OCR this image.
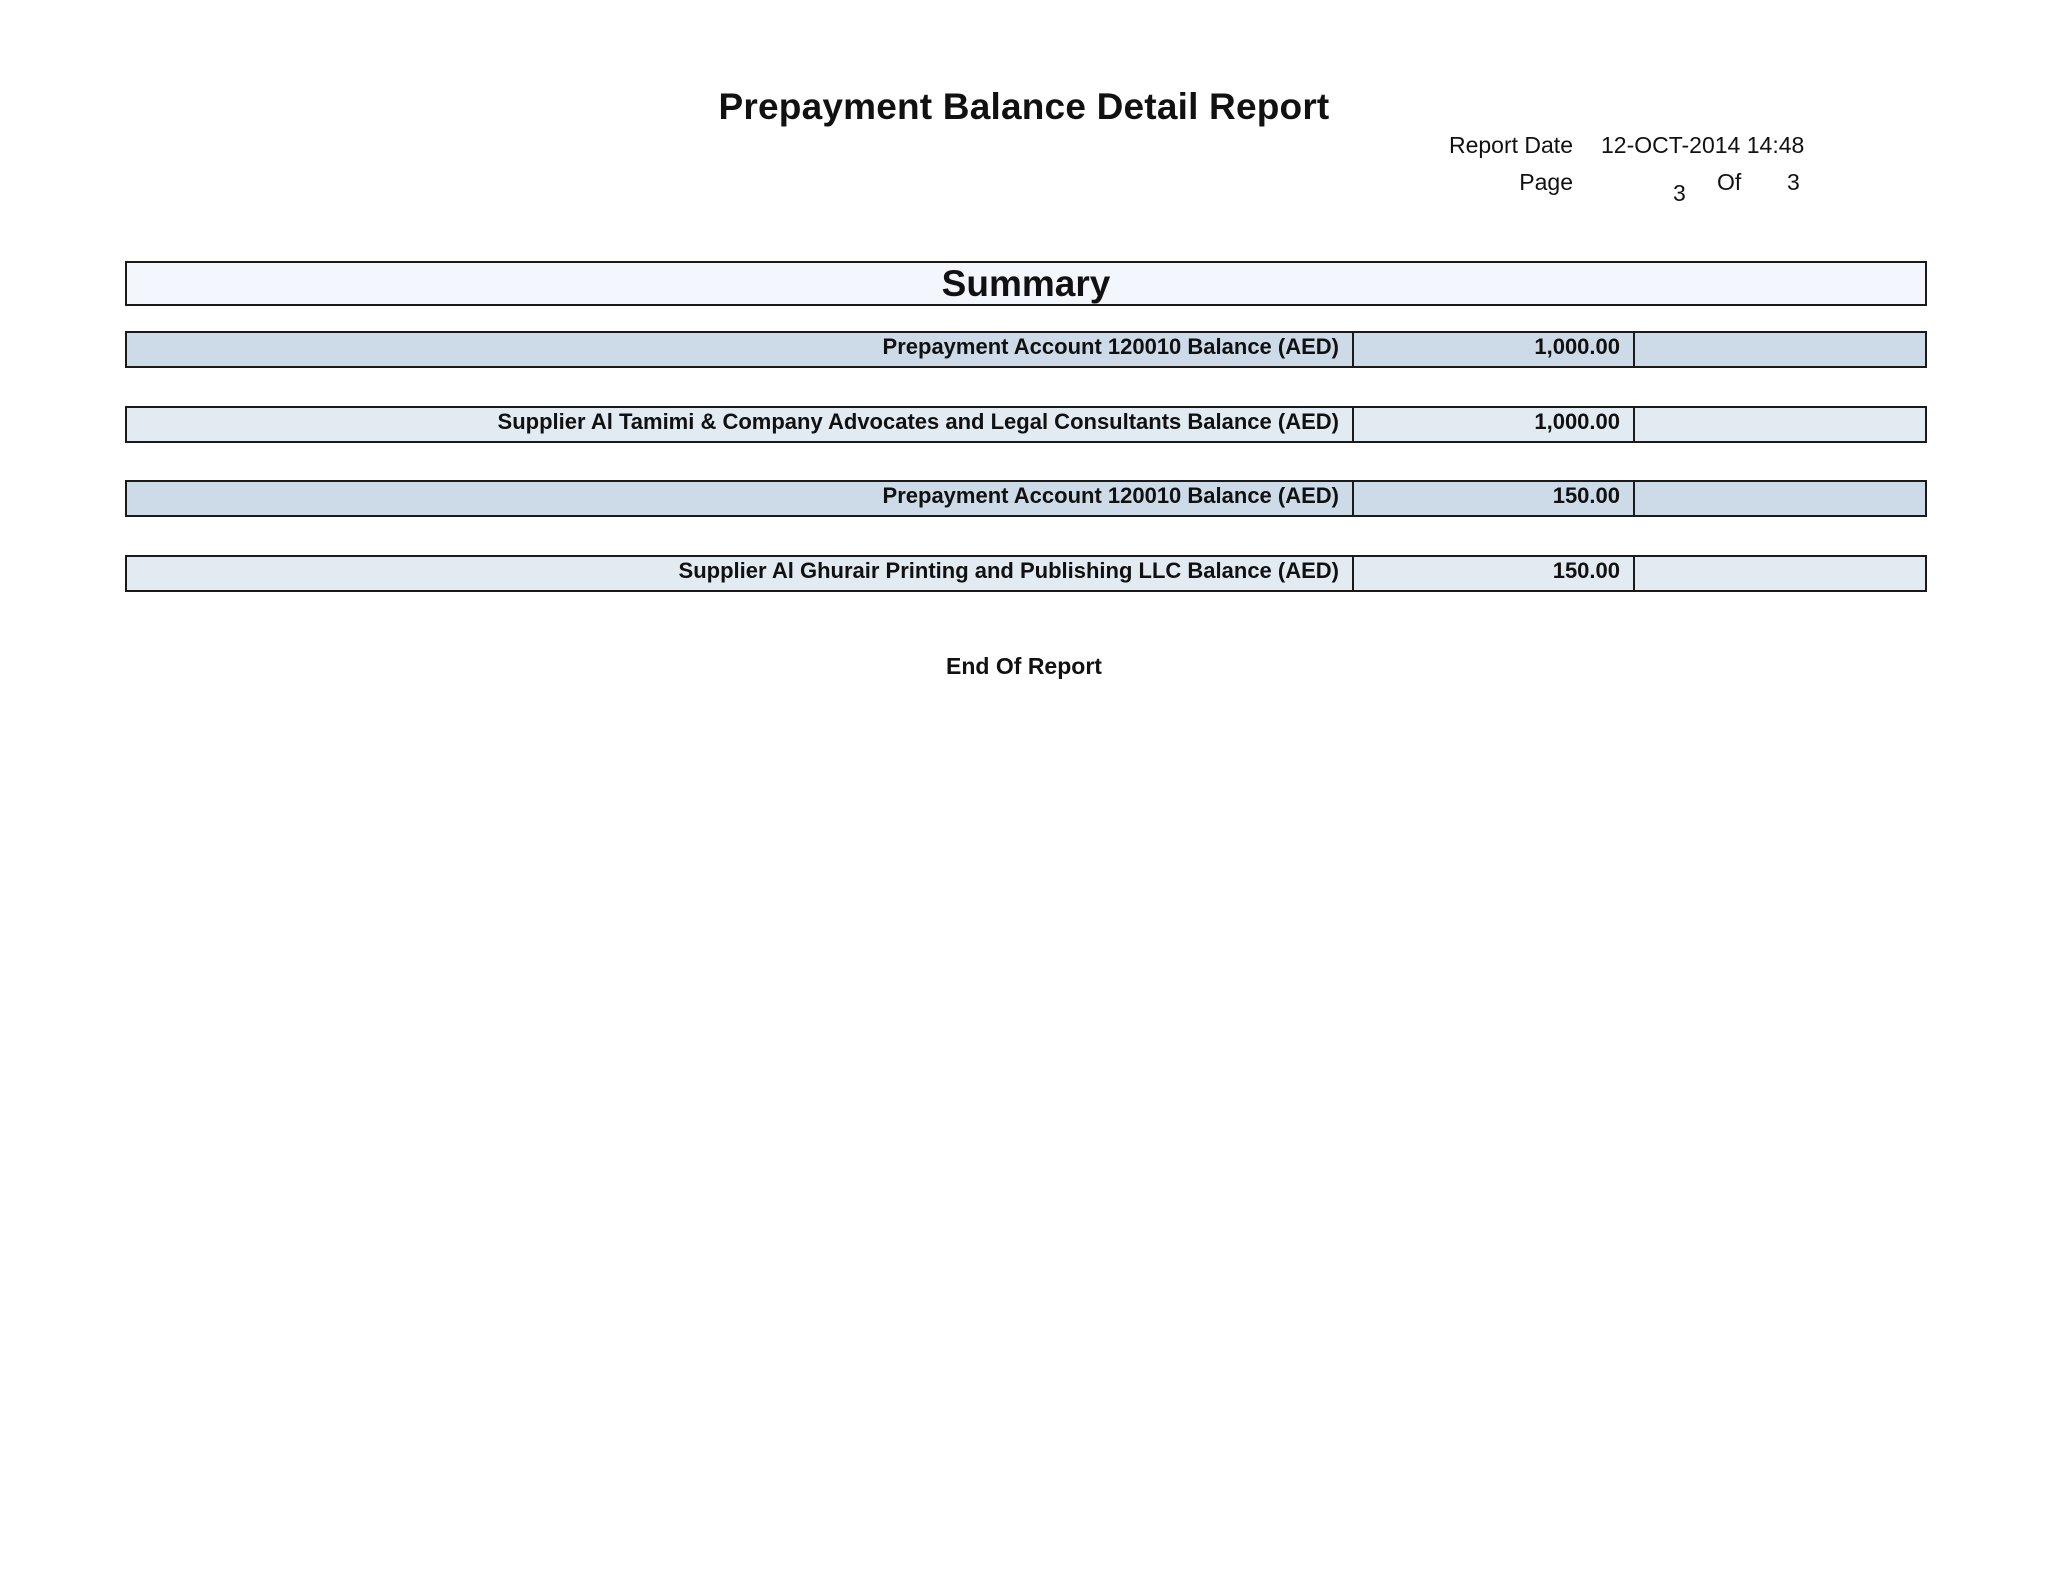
Prepayment Balance Detail Report
Report Date 12-OCT-2014 14:48
Page	3 Of 3
Summary
Prepayment Account 120010 Balance (AED)	1,000.00
Supplier Al Tamimi & Company Advocates and Legal Consultants Balance (AED)	1,000.00
Prepayment Account 120010 Balance (AED)	150.00
Supplier Al Ghurair Printing and Publishing LLC Balance (AED)	150.00
End Of Report
